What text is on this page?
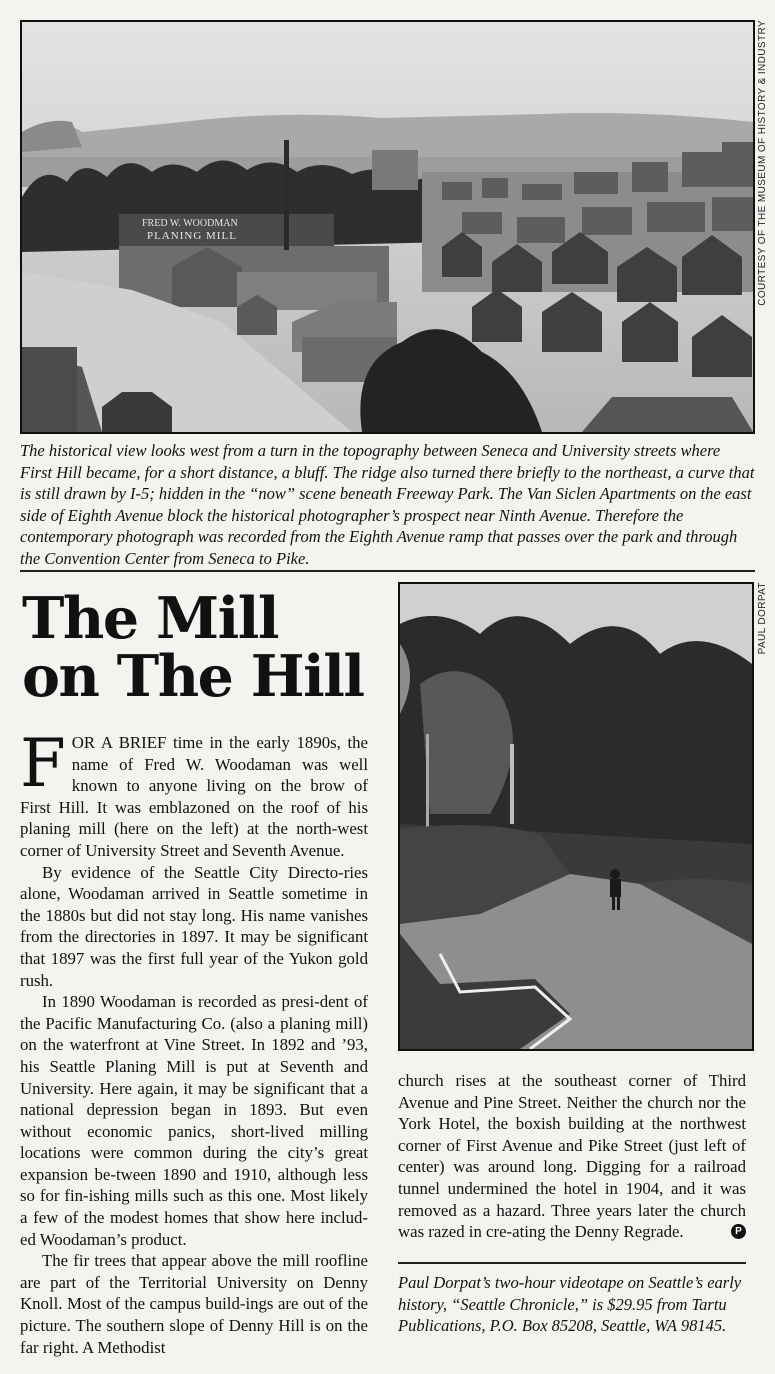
FRED W. WOODMAN
PLANING MILL	COURTESY OF THE MUSEUM OF HISTORY & INDUSTRY

The historical view looks west from a turn in the topography between Seneca and University streets where First Hill became, for a short distance, a bluff. The ridge also turned there briefly to the northeast, a curve that is still drawn by I-5; hidden in the “now” scene beneath Freeway Park. The Van Siclen Apartments on the east side of Eighth Avenue block the historical photographer’s prospect near Ninth Avenue. Therefore the contemporary photograph was recorded from the Eighth Avenue ramp that passes over the park and through the Convention Center from Seneca to Pike.

The Mill
on The Hill
PAUL DORPAT

FOR A BRIEF time in the early 1890s, the name of Fred W. Woodaman was well known to anyone living on the brow of First Hill. It was emblazoned on the roof of his planing mill (here on the left) at the north-west corner of University Street and Seventh Avenue.

By evidence of the Seattle City Directo-ries alone, Woodaman arrived in Seattle sometime in the 1880s but did not stay long. His name vanishes from the directories in 1897. It may be significant that 1897 was the first full year of the Yukon gold rush.

In 1890 Woodaman is recorded as presi-dent of the Pacific Manufacturing Co. (also a planing mill) on the waterfront at Vine Street. In 1892 and ’93, his Seattle Planing Mill is put at Seventh and University. Here again, it may be significant that a national depression began in 1893. But even without economic panics, short-lived milling locations were common during the city’s great expansion be-tween 1890 and 1910, although less so for fin-ishing mills such as this one. Most likely a few of the modest homes that show here includ-ed Woodaman’s product.

The fir trees that appear above the mill roofline are part of the Territorial University on Denny Knoll. Most of the campus build-ings are out of the picture. The southern slope of Denny Hill is on the far right. A Methodist

church rises at the southeast corner of Third Avenue and Pine Street. Neither the church nor the York Hotel, the boxish building at the northwest corner of First Avenue and Pike Street (just left of center) was around long. Digging for a railroad tunnel undermined the hotel in 1904, and it was removed as a hazard. Three years later the church was razed in cre-ating the Denny Regrade.	P

Paul Dorpat’s two-hour videotape on Seattle’s early history, “Seattle Chronicle,” is $29.95 from Tartu Publications, P.O. Box 85208, Seattle, WA 98145.
